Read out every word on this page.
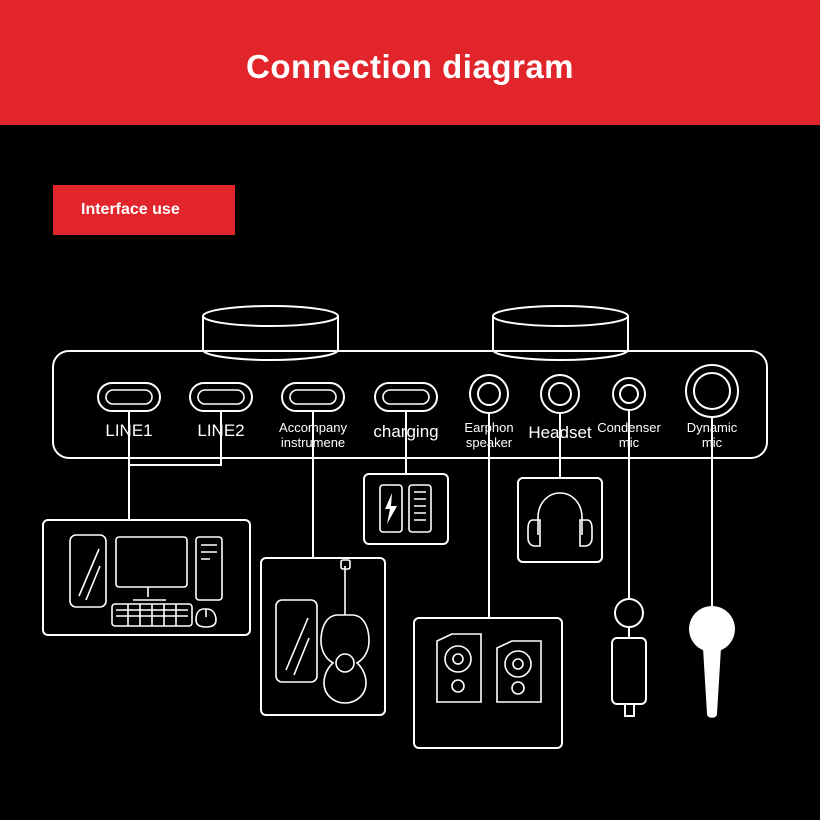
Connection diagram
Interface use
LINE1	LINE2	Accompany
instrumene
charging	Earphon
speaker
Headset Condenser
mic
Dynamic
mic
